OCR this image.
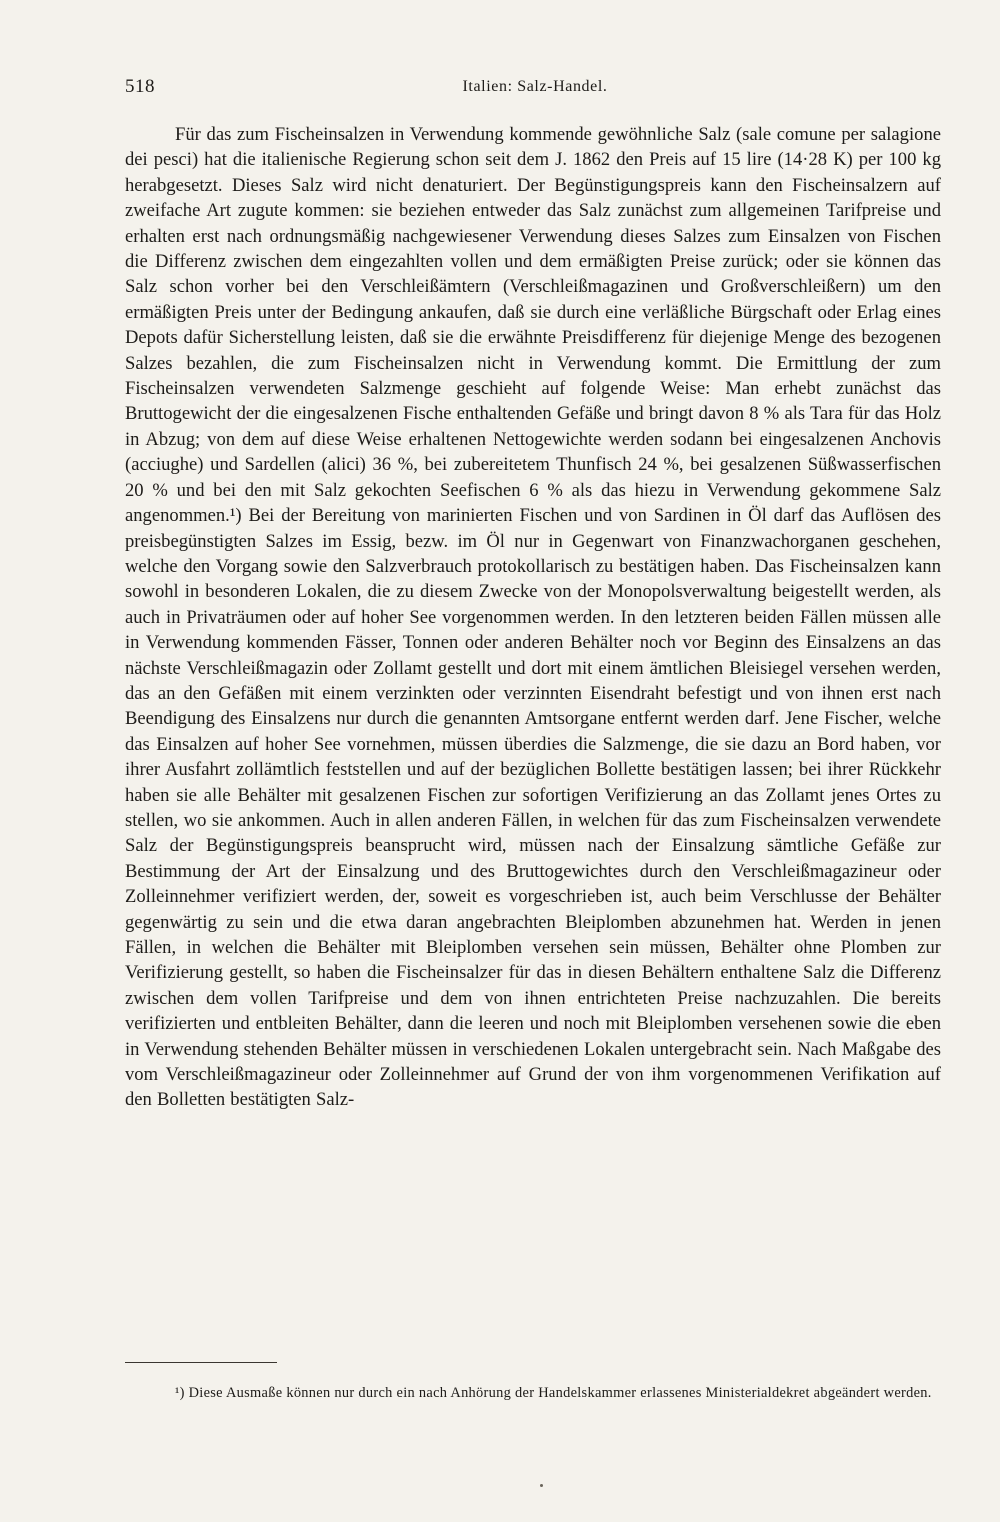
518	Italien: Salz-Handel.

Für das zum Fischeinsalzen in Verwendung kommende gewöhnliche Salz (sale comune per salagione dei pesci) hat die italienische Regierung schon seit dem J. 1862 den Preis auf 15 lire (14·28 K) per 100 kg herabgesetzt. Dieses Salz wird nicht denaturiert. Der Begünstigungspreis kann den Fischeinsalzern auf zweifache Art zugute kommen: sie beziehen entweder das Salz zunächst zum allgemeinen Tarifpreise und erhalten erst nach ordnungsmäßig nachgewiesener Verwendung dieses Salzes zum Einsalzen von Fischen die Differenz zwischen dem eingezahlten vollen und dem ermäßigten Preise zurück; oder sie können das Salz schon vorher bei den Verschleißämtern (Verschleißmagazinen und Großverschleißern) um den ermäßigten Preis unter der Bedingung ankaufen, daß sie durch eine verläßliche Bürgschaft oder Erlag eines Depots dafür Sicherstellung leisten, daß sie die erwähnte Preisdifferenz für diejenige Menge des bezogenen Salzes bezahlen, die zum Fischeinsalzen nicht in Verwendung kommt. Die Ermittlung der zum Fischeinsalzen verwendeten Salzmenge geschieht auf folgende Weise: Man erhebt zunächst das Bruttogewicht der die eingesalzenen Fische enthaltenden Gefäße und bringt davon 8 % als Tara für das Holz in Abzug; von dem auf diese Weise erhaltenen Nettogewichte werden sodann bei eingesalzenen Anchovis (acciughe) und Sardellen (alici) 36 %, bei zubereitetem Thunfisch 24 %, bei gesalzenen Süßwasserfischen 20 % und bei den mit Salz gekochten Seefischen 6 % als das hiezu in Verwendung gekommene Salz angenommen.¹) Bei der Bereitung von marinierten Fischen und von Sardinen in Öl darf das Auflösen des preisbegünstigten Salzes im Essig, bezw. im Öl nur in Gegenwart von Finanzwachorganen geschehen, welche den Vorgang sowie den Salzverbrauch protokollarisch zu bestätigen haben. Das Fischeinsalzen kann sowohl in besonderen Lokalen, die zu diesem Zwecke von der Monopolsverwaltung beigestellt werden, als auch in Privaträumen oder auf hoher See vorgenommen werden. In den letzteren beiden Fällen müssen alle in Verwendung kommenden Fässer, Tonnen oder anderen Behälter noch vor Beginn des Einsalzens an das nächste Verschleißmagazin oder Zollamt gestellt und dort mit einem ämtlichen Bleisiegel versehen werden, das an den Gefäßen mit einem verzinkten oder verzinnten Eisendraht befestigt und von ihnen erst nach Beendigung des Einsalzens nur durch die genannten Amtsorgane entfernt werden darf. Jene Fischer, welche das Einsalzen auf hoher See vornehmen, müssen überdies die Salzmenge, die sie dazu an Bord haben, vor ihrer Ausfahrt zollämtlich feststellen und auf der bezüglichen Bollette bestätigen lassen; bei ihrer Rückkehr haben sie alle Behälter mit gesalzenen Fischen zur sofortigen Verifizierung an das Zollamt jenes Ortes zu stellen, wo sie ankommen. Auch in allen anderen Fällen, in welchen für das zum Fischeinsalzen verwendete Salz der Begünstigungspreis beansprucht wird, müssen nach der Einsalzung sämtliche Gefäße zur Bestimmung der Art der Einsalzung und des Bruttogewichtes durch den Verschleißmagazineur oder Zolleinnehmer verifiziert werden, der, soweit es vorgeschrieben ist, auch beim Verschlusse der Behälter gegenwärtig zu sein und die etwa daran angebrachten Bleiplomben abzunehmen hat. Werden in jenen Fällen, in welchen die Behälter mit Bleiplomben versehen sein müssen, Behälter ohne Plomben zur Verifizierung gestellt, so haben die Fischeinsalzer für das in diesen Behältern enthaltene Salz die Differenz zwischen dem vollen Tarifpreise und dem von ihnen entrichteten Preise nachzuzahlen. Die bereits verifizierten und entbleiten Behälter, dann die leeren und noch mit Bleiplomben versehenen sowie die eben in Verwendung stehenden Behälter müssen in verschiedenen Lokalen untergebracht sein. Nach Maßgabe des vom Verschleißmagazineur oder Zolleinnehmer auf Grund der von ihm vorgenommenen Verifikation auf den Bolletten bestätigten Salz-

¹) Diese Ausmaße können nur durch ein nach Anhörung der Handelskammer erlassenes Ministerialdekret abgeändert werden.
